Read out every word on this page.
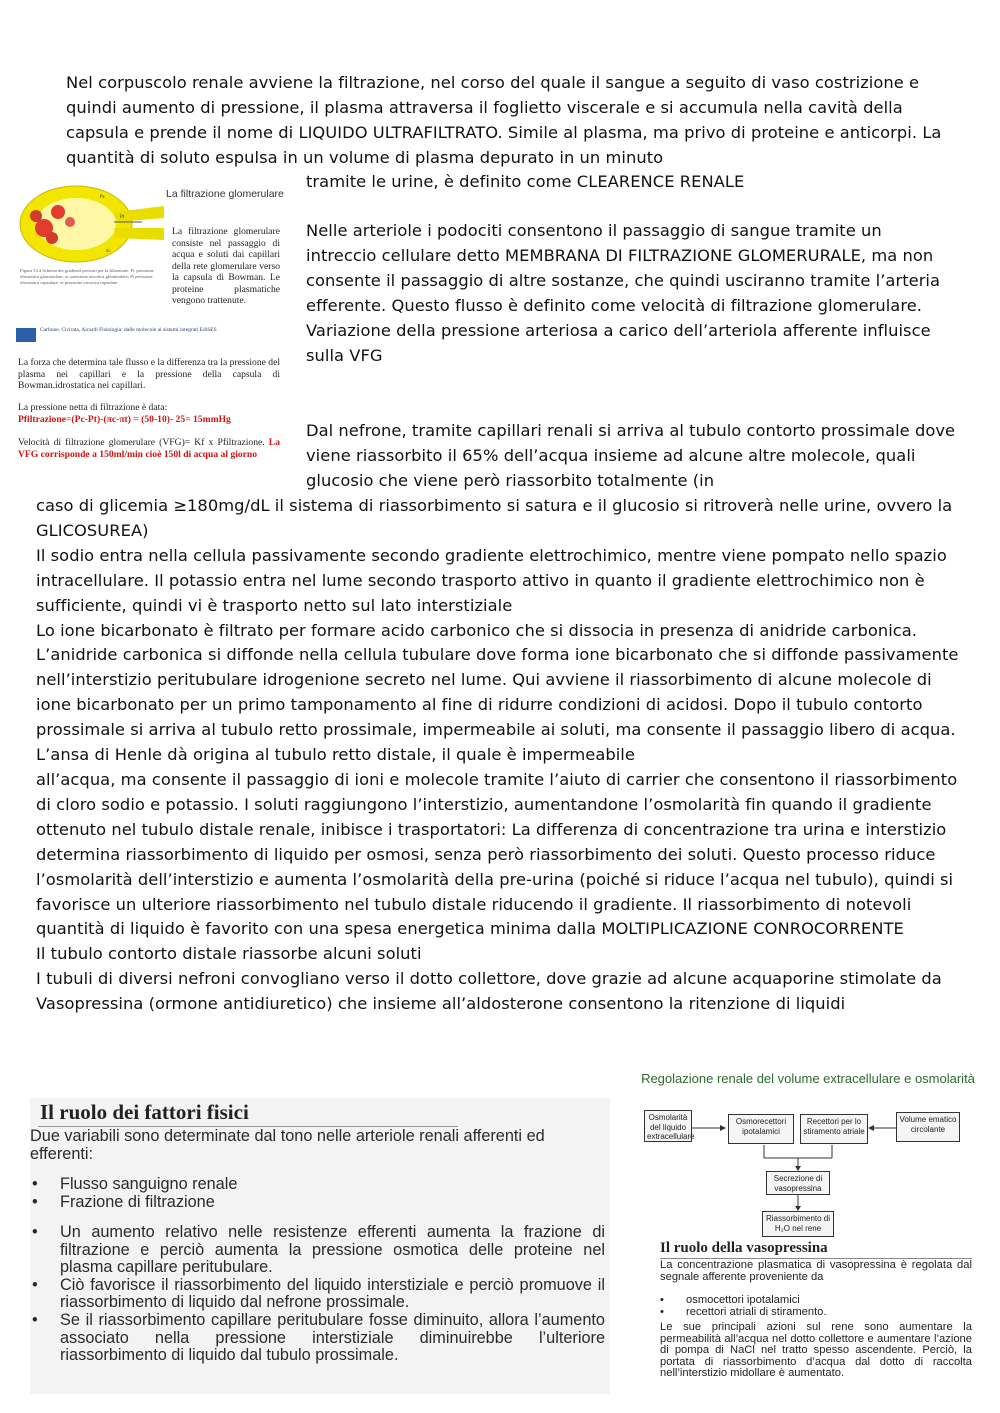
Nel corpuscolo renale avviene la filtrazione, nel corso del quale il sangue a seguito di vaso costrizione e quindi aumento di pressione, il plasma attraversa il foglietto viscerale e si accumula nella cavità della capsula e prende il nome di LIQUIDO ULTRAFILTRATO. Simile al plasma, ma privo di proteine e anticorpi. La quantità di soluto espulsa in un volume di plasma depurato in un minuto
tramite le urine, è definito come CLEARENCE RENALE
Nelle arteriole i podociti consentono il passaggio di sangue tramite un intreccio cellulare detto MEMBRANA DI FILTRAZIONE GLOMERURALE, ma non consente il passaggio di altre sostanze, che quindi usciranno tramite l’arteria efferente. Questo flusso è definito come velocità di filtrazione glomerulare. Variazione della pressione arteriosa a carico dell’arteriola afferente influisce sulla VFG
Dal nefrone, tramite capillari renali si arriva al tubulo contorto prossimale dove viene riassorbito il 65% dell’acqua insieme ad alcune altre molecole, quali glucosio che viene però riassorbito totalmente (in
caso di glicemia ≥180mg/dL il sistema di riassorbimento si satura e il glucosio si ritroverà nelle urine, ovvero la GLICOSUREA)
Il sodio entra nella cellula passivamente secondo gradiente elettrochimico, mentre viene pompato nello spazio intracellulare. Il potassio entra nel lume secondo trasporto attivo in quanto il gradiente elettrochimico non è sufficiente, quindi vi è trasporto netto sul lato interstiziale
Lo ione bicarbonato è filtrato per formare acido carbonico che si dissocia in presenza di anidride carbonica. L’anidride carbonica si diffonde nella cellula tubulare dove forma ione bicarbonato che si diffonde passivamente nell’interstizio peritubulare idrogenione secreto nel lume. Qui avviene il riassorbimento di alcune molecole di ione bicarbonato per un primo tamponamento al fine di ridurre condizioni di acidosi. Dopo il tubulo contorto prossimale si arriva al tubulo retto prossimale, impermeabile ai soluti, ma consente il passaggio libero di acqua. L’ansa di Henle dà origina al tubulo retto distale, il quale è impermeabile
all’acqua, ma consente il passaggio di ioni e molecole tramite l’aiuto di carrier che consentono il riassorbimento di cloro sodio e potassio. I soluti raggiungono l’interstizio, aumentandone l’osmolarità fin quando il gradiente ottenuto nel tubulo distale renale, inibisce i trasportatori: La differenza di concentrazione tra urina e interstizio determina riassorbimento di liquido per osmosi, senza però riassorbimento dei soluti. Questo processo riduce l’osmolarità dell’interstizio e aumenta l’osmolarità della pre-urina (poiché si riduce l’acqua nel tubulo), quindi si favorisce un ulteriore riassorbimento nel tubulo distale riducendo il gradiente. Il riassorbimento di notevoli quantità di liquido è favorito con una spesa energetica minima dalla MOLTIPLICAZIONE CONROCORRENTE
Il tubulo contorto distale riassorbe alcuni soluti
I tubuli di diversi nefroni convogliano verso il dotto collettore, dove grazie ad alcune acquaporine stimolate da Vasopressina (ormone antidiuretico) che insieme all’aldosterone consentono la ritenzione di liquidi
Pc
πc
Pt
La filtrazione glomerulare
La filtrazione glomerulare consiste nel passaggio di acqua e soluti dai capillari della rete glomerulare verso la capsula di Bowman. Le proteine plasmatiche vengono trattenute.
Figura 53.4 Schema dei gradienti pressori per la filtrazione. Pc pressione idrostatica glomerulare; πc pressione oncotica glomerulare; Pt pressione idrostatica capsulare; πt pressione oncotica capsulare
Carbone, Cicirata, Aicardi Fisiologia: dalle molecole ai sistemi integrati EdiSES
La forza che determina tale flusso e la differenza tra la pressione del plasma nei capillari e la pressione della capsula di Bowman.idrostatica nei capillari.
La pressione netta di filtrazione è data:
Pfiltrazione=(Pc-Pt)-(πc-πt) = (50-10)- 25= 15mmHg
Velocità di filtrazione glomerulare (VFG)= Kf x Pfiltrazione. La VFG corrisponde a 150ml/min cioè 150l di acqua al giorno
Il ruolo dei fattori fisici
Due variabili sono determinate dal tono nelle arteriole renali afferenti ed efferenti:
• Flusso sanguigno renale
• Frazione di filtrazione
• Un aumento relativo nelle resistenze efferenti aumenta la frazione di filtrazione e perciò aumenta la pressione osmotica delle proteine nel plasma capillare peritubulare.
• Ciò favorisce il riassorbimento del liquido interstiziale e perciò promuove il riassorbimento di liquido dal nefrone prossimale.
• Se il riassorbimento capillare peritubulare fosse diminuito, allora l’aumento associato nella pressione interstiziale diminuirebbe l’ulteriore riassorbimento di liquido dal tubulo prossimale.
Regolazione renale del volume extracellulare e osmolarità
Osmolarità del liquido extracellulare
Osmorecettori ipotalamici
Recettori per lo stiramento atriale
Volume ematico circolante
Secrezione di vasopressina
Riassorbimento di H₂O nel rene
Il ruolo della vasopressina
La concentrazione plasmatica di vasopressina è regolata dal segnale afferente proveniente da
• osmocettori ipotalamici
• recettori atriali di stiramento.
Le sue principali azioni sul rene sono aumentare la permeabilità all’acqua nel dotto collettore e aumentare l’azione di pompa di NaCl nel tratto spesso ascendente. Perciò, la portata di riassorbimento d’acqua dal dotto di raccolta nell’interstizio midollare è aumentato.
